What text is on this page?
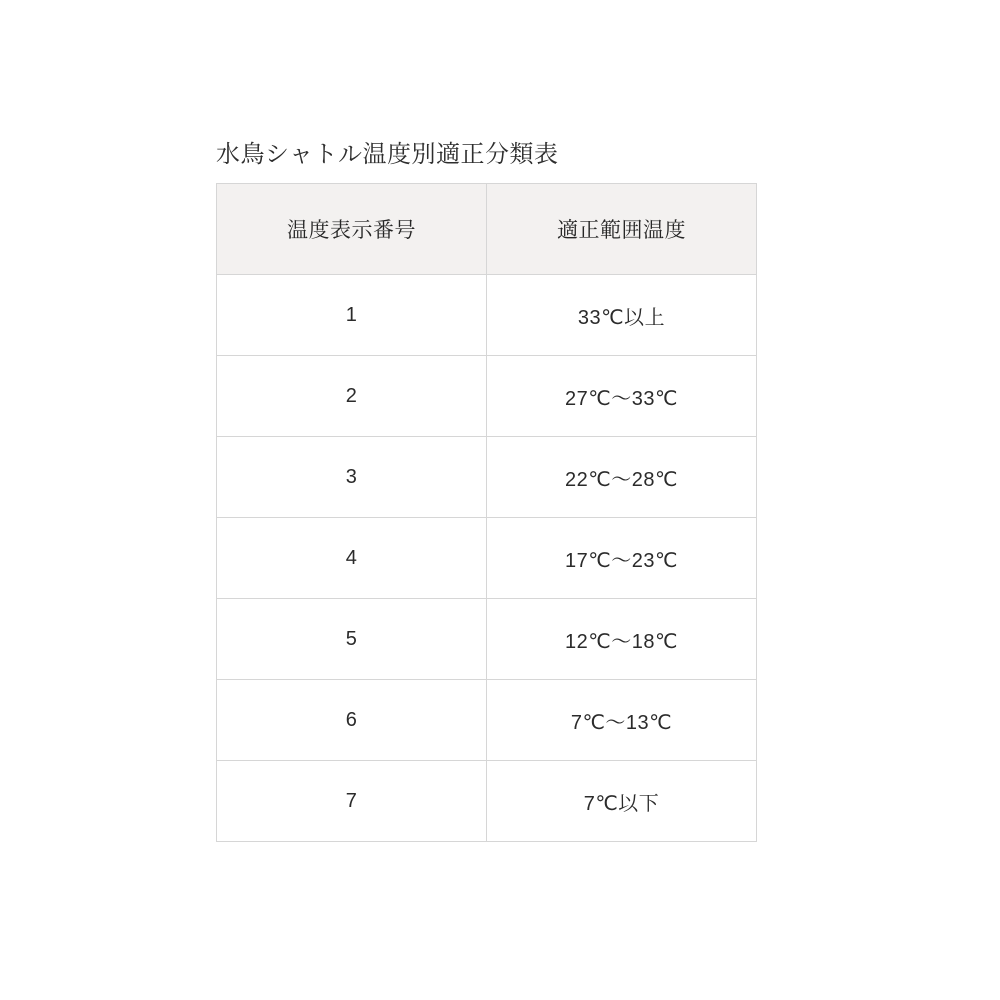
水鳥シャトル温度別適正分類表
温度表示番号	適正範囲温度
1	33℃以上
2	27℃〜33℃
3	22℃〜28℃
4	17℃〜23℃
5	12℃〜18℃
6	7℃〜13℃
7	7℃以下
